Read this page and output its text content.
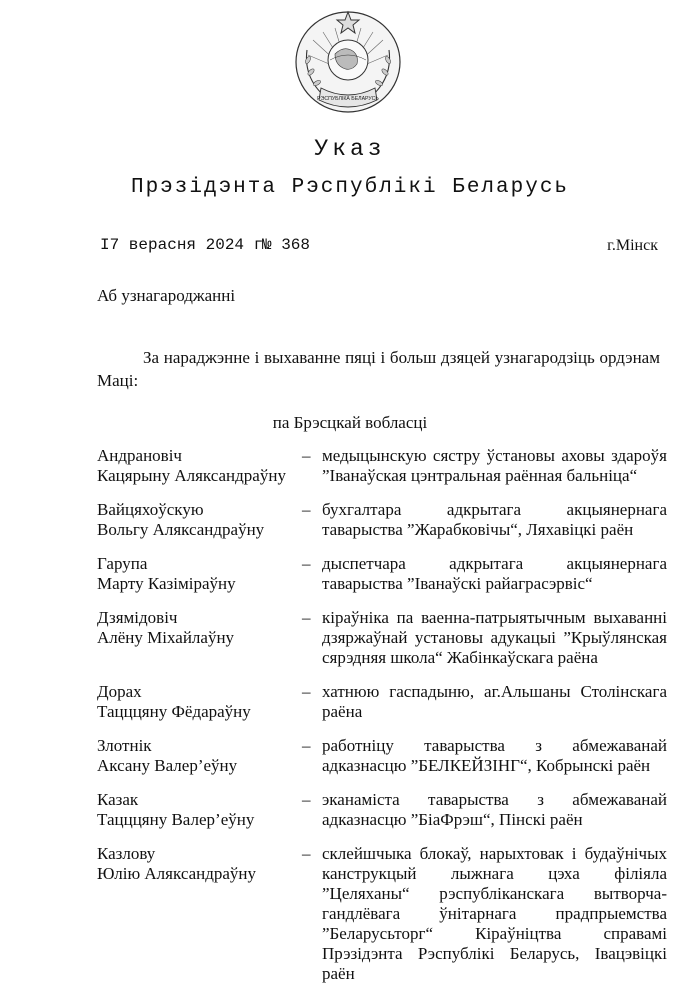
РЭСПУБЛІКА БЕЛАРУСЬ
Указ
Прэзідэнта Рэспублікі Беларусь
I7 верасня 2024 г.
№ 368	г.Мінск
Аб узнагароджанні
За нараджэнне і выхаванне пяці і больш дзяцей узнагародзіць ордэнам Маці:
па Брэсцкай вобласці
Андрановіч
Кацярыну Аляксандраўну
– медыцынскую сястру ўстановы аховы здароўя ”Іванаўская цэнтральная раённая бальніца“
Вайцяхоўскую
Вольгу Аляксандраўну
– бухгалтара адкрытага акцыянернага таварыства ”Жарабковічы“, Ляхавіцкі раён
Гарупа
Марту Казіміраўну
– дыспетчара адкрытага акцыянернага таварыства ”Іванаўскі райаграсэрвіс“
Дзямідовіч
Алёну Міхайлаўну
– кіраўніка па ваенна-патрыятычным выхаванні дзяржаўнай установы адукацыі ”Крыўлянская сярэдняя школа“ Жабінкаўскага раёна
Дорах
Тацццяну Фёдараўну
– хатнюю гаспадыню, аг.Альшаны Столінскага раёна
Злотнік
Аксану Валер’еўну
– работніцу таварыства з абмежаванай адказнасцю ”БЕЛКЕЙЗІНГ“, Кобрынскі раён
Казак
Тацццяну Валер’еўну
– эканаміста таварыства з абмежаванай адказнасцю ”БіаФрэш“, Пінскі раён
Казлову
Юлію Аляксандраўну
– склейшчыка блокаў, нарыхтовак і будаўнічых канструкцый лыжнага цэха філіяла ”Целяханы“ рэспубліканскага вытворча-гандлёвага ўнітарнага прадпрыемства ”Беларусьторг“ Кіраўніцтва справамі Прэзідэнта Рэспублікі Беларусь, Івацэвіцкі раён
